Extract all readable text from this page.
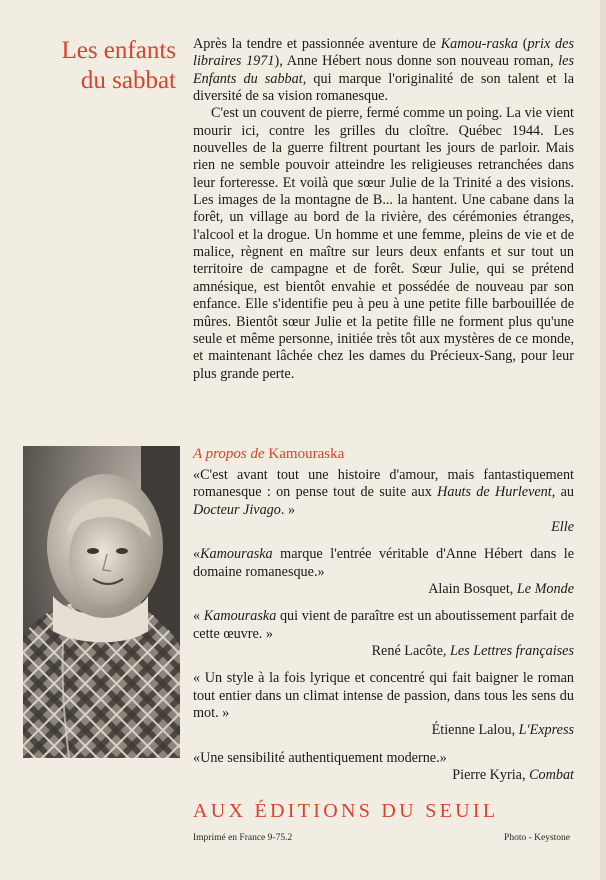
Les enfants
du sabbat

Après la tendre et passionnée aventure de Kamou-raska (prix des libraires 1971), Anne Hébert nous donne son nouveau roman, les Enfants du sabbat, qui marque l'originalité de son talent et la diversité de sa vision romanesque.

C'est un couvent de pierre, fermé comme un poing. La vie vient mourir ici, contre les grilles du cloître. Québec 1944. Les nouvelles de la guerre filtrent pourtant les jours de parloir. Mais rien ne semble pouvoir atteindre les religieuses retranchées dans leur forteresse. Et voilà que sœur Julie de la Trinité a des visions. Les images de la montagne de B... la hantent. Une cabane dans la forêt, un village au bord de la rivière, des cérémonies étranges, l'alcool et la drogue. Un homme et une femme, pleins de vie et de malice, règnent en maître sur leurs deux enfants et sur tout un territoire de campagne et de forêt. Sœur Julie, qui se prétend amnésique, est bientôt envahie et possédée de nouveau par son enfance. Elle s'identifie peu à peu à une petite fille barbouillée de mûres. Bientôt sœur Julie et la petite fille ne forment plus qu'une seule et même personne, initiée très tôt aux mystères de ce monde, et maintenant lâchée chez les dames du Précieux-Sang, pour leur plus grande perte.

A propos de Kamouraska

«C'est avant tout une histoire d'amour, mais fantastiquement romanesque : on pense tout de suite aux Hauts de Hurlevent, au Docteur Jivago. »

Elle

«Kamouraska marque l'entrée véritable d'Anne Hébert dans le domaine romanesque.»

Alain Bosquet, Le Monde

« Kamouraska qui vient de paraître est un aboutissement parfait de cette œuvre. »

René Lacôte, Les Lettres françaises

« Un style à la fois lyrique et concentré qui fait baigner le roman tout entier dans un climat intense de passion, dans tous les sens du mot. »

Étienne Lalou, L'Express

«Une sensibilité authentiquement moderne.»

Pierre Kyria, Combat

AUX ÉDITIONS DU SEUIL
Imprimé en France 9-75.2	Photo - Keystone
